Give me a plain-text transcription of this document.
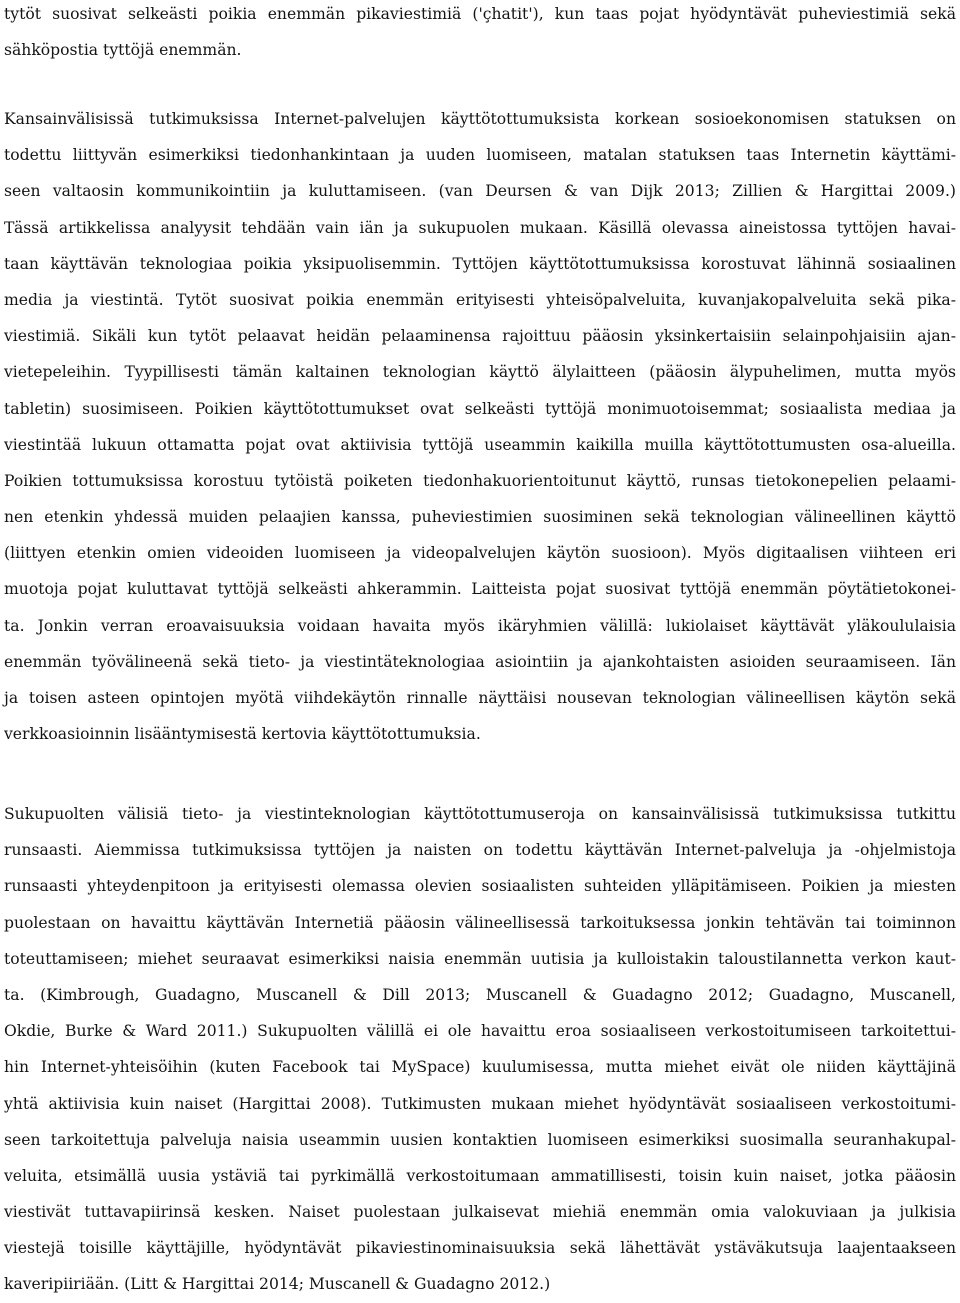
tytöt suosivat selkeästi poikia enemmän pikaviestimiä ('çhatit'), kun taas pojat hyödyntävät puheviestimiä sekä
sähköpostia tyttöjä enemmän.
Kansainvälisissä tutkimuksissa Internet-palvelujen käyttötottumuksista korkean sosioekonomisen statuksen on
todettu liittyvän esimerkiksi tiedonhankintaan ja uuden luomiseen, matalan statuksen taas Internetin käyttämi-
seen valtaosin kommunikointiin ja kuluttamiseen. (van Deursen & van Dijk 2013; Zillien & Hargittai 2009.)
Tässä artikkelissa analyysit tehdään vain iän ja sukupuolen mukaan. Käsillä olevassa aineistossa tyttöjen havai-
taan käyttävän teknologiaa poikia yksipuolisemmin. Tyttöjen käyttötottumuksissa korostuvat lähinnä sosiaalinen
media ja viestintä. Tytöt suosivat poikia enemmän erityisesti yhteisöpalveluita, kuvanjakopalveluita sekä pika-
viestimiä. Sikäli kun tytöt pelaavat heidän pelaaminensa rajoittuu pääosin yksinkertaisiin selainpohjaisiin ajan-
vietepeleihin. Tyypillisesti tämän kaltainen teknologian käyttö älylaitteen (pääosin älypuhelimen, mutta myös
tabletin) suosimiseen. Poikien käyttötottumukset ovat selkeästi tyttöjä monimuotoisemmat; sosiaalista mediaa ja
viestintää lukuun ottamatta pojat ovat aktiivisia tyttöjä useammin kaikilla muilla käyttötottumusten osa-alueilla.
Poikien tottumuksissa korostuu tytöistä poiketen tiedonhakuorientoitunut käyttö, runsas tietokonepelien pelaami-
nen etenkin yhdessä muiden pelaajien kanssa, puheviestimien suosiminen sekä teknologian välineellinen käyttö
(liittyen etenkin omien videoiden luomiseen ja videopalvelujen käytön suosioon). Myös digitaalisen viihteen eri
muotoja pojat kuluttavat tyttöjä selkeästi ahkerammin. Laitteista pojat suosivat tyttöjä enemmän pöytätietokonei-
ta. Jonkin verran eroavaisuuksia voidaan havaita myös ikäryhmien välillä: lukiolaiset käyttävät yläkoululaisia
enemmän työvälineenä sekä tieto- ja viestintäteknologiaa asiointiin ja ajankohtaisten asioiden seuraamiseen. Iän
ja toisen asteen opintojen myötä viihdekäytön rinnalle näyttäisi nousevan teknologian välineellisen käytön sekä
verkkoasioinnin lisääntymisestä kertovia käyttötottumuksia.
Sukupuolten välisiä tieto- ja viestinteknologian käyttötottumuseroja on kansainvälisissä tutkimuksissa tutkittu
runsaasti. Aiemmissa tutkimuksissa tyttöjen ja naisten on todettu käyttävän Internet-palveluja ja -ohjelmistoja
runsaasti yhteydenpitoon ja erityisesti olemassa olevien sosiaalisten suhteiden ylläpitämiseen. Poikien ja miesten
puolestaan on havaittu käyttävän Internetiä pääosin välineellisessä tarkoituksessa jonkin tehtävän tai toiminnon
toteuttamiseen; miehet seuraavat esimerkiksi naisia enemmän uutisia ja kulloistakin taloustilannetta verkon kaut-
ta. (Kimbrough, Guadagno, Muscanell & Dill 2013; Muscanell & Guadagno 2012; Guadagno, Muscanell,
Okdie, Burke & Ward 2011.) Sukupuolten välillä ei ole havaittu eroa sosiaaliseen verkostoitumiseen tarkoitettui-
hin Internet-yhteisöihin (kuten Facebook tai MySpace) kuulumisessa, mutta miehet eivät ole niiden käyttäjinä
yhtä aktiivisia kuin naiset (Hargittai 2008). Tutkimusten mukaan miehet hyödyntävät sosiaaliseen verkostoitumi-
seen tarkoitettuja palveluja naisia useammin uusien kontaktien luomiseen esimerkiksi suosimalla seuranhakupal-
veluita, etsimällä uusia ystäviä tai pyrkimällä verkostoitumaan ammatillisesti, toisin kuin naiset, jotka pääosin
viestivät tuttavapiirinsä kesken. Naiset puolestaan julkaisevat miehiä enemmän omia valokuviaan ja julkisia
viestejä toisille käyttäjille, hyödyntävät pikaviestinominaisuuksia sekä lähettävät ystäväkutsuja laajentaakseen
kaveripiiriään. (Litt & Hargittai 2014; Muscanell & Guadagno 2012.)
